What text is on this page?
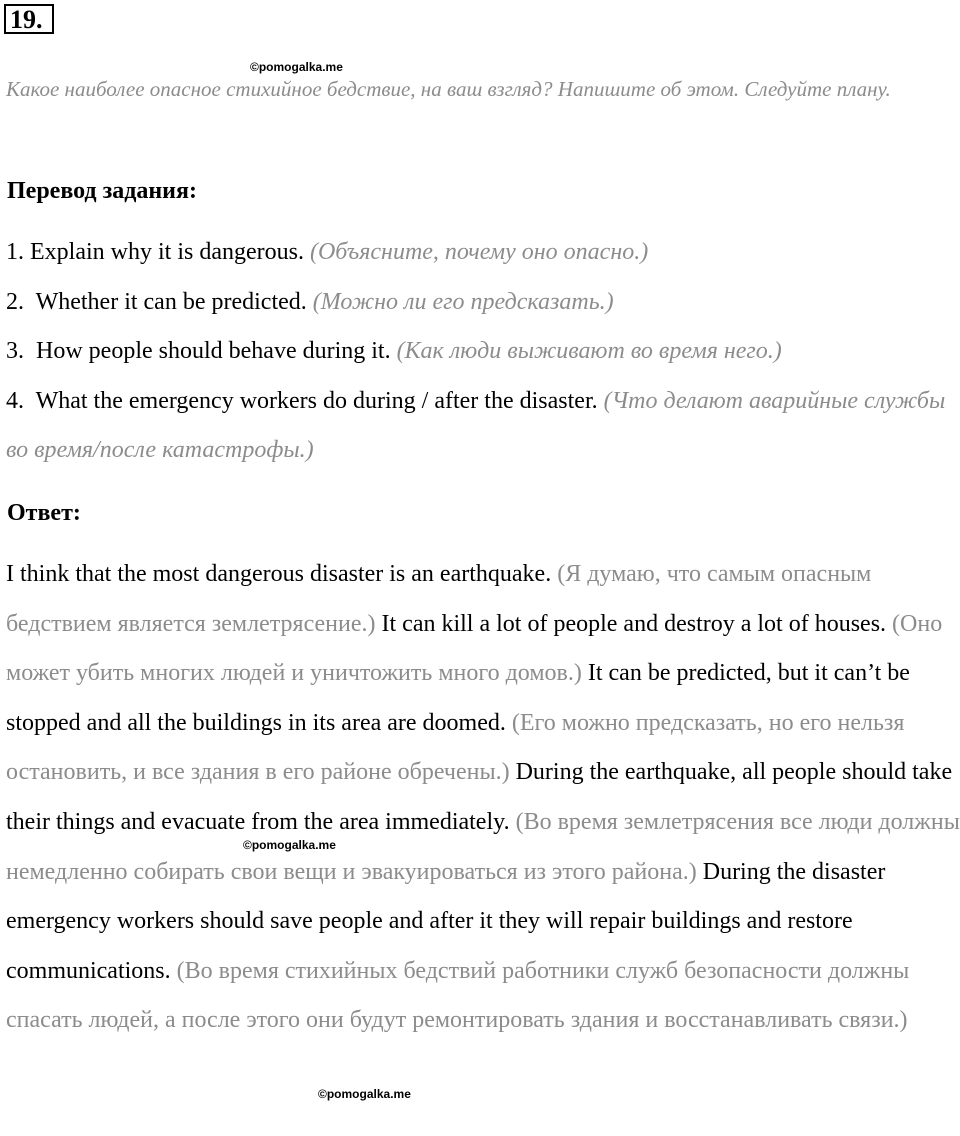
19.
©pomogalka.me

Какое наиболее опасное стихийное бедствие, на ваш взгляд? Напишите об этом. Следуйте плану.

Перевод задания:

1. Explain why it is dangerous. (Объясните, почему оно опасно.)

2. Whether it can be predicted. (Можно ли его предсказать.)

3. How people should behave during it. (Как люди выживают во время него.)

4. What the emergency workers do during / after the disaster. (Что делают аварийные службы во время/после катастрофы.)

Ответ:

I think that the most dangerous disaster is an earthquake. (Я думаю, что самым опасным бедствием является землетрясение.) It can kill a lot of people and destroy a lot of houses. (Оно может убить многих людей и уничтожить много домов.) It can be predicted, but it can’t be stopped and all the buildings in its area are doomed. (Его можно предсказать, но его нельзя остановить, и все здания в его районе обречены.) During the earthquake, all people should take their things and evacuate from the area immediately. (Во время землетрясения все люди должны немедленно собирать свои вещи и эвакуироваться из этого района.) During the disaster emergency workers should save people and after it they will repair buildings and restore communications. (Во время стихийных бедствий работники служб безопасности должны спасать людей, а после этого они будут ремонтировать здания и восстанавливать связи.)

©pomogalka.me
©pomogalka.me
